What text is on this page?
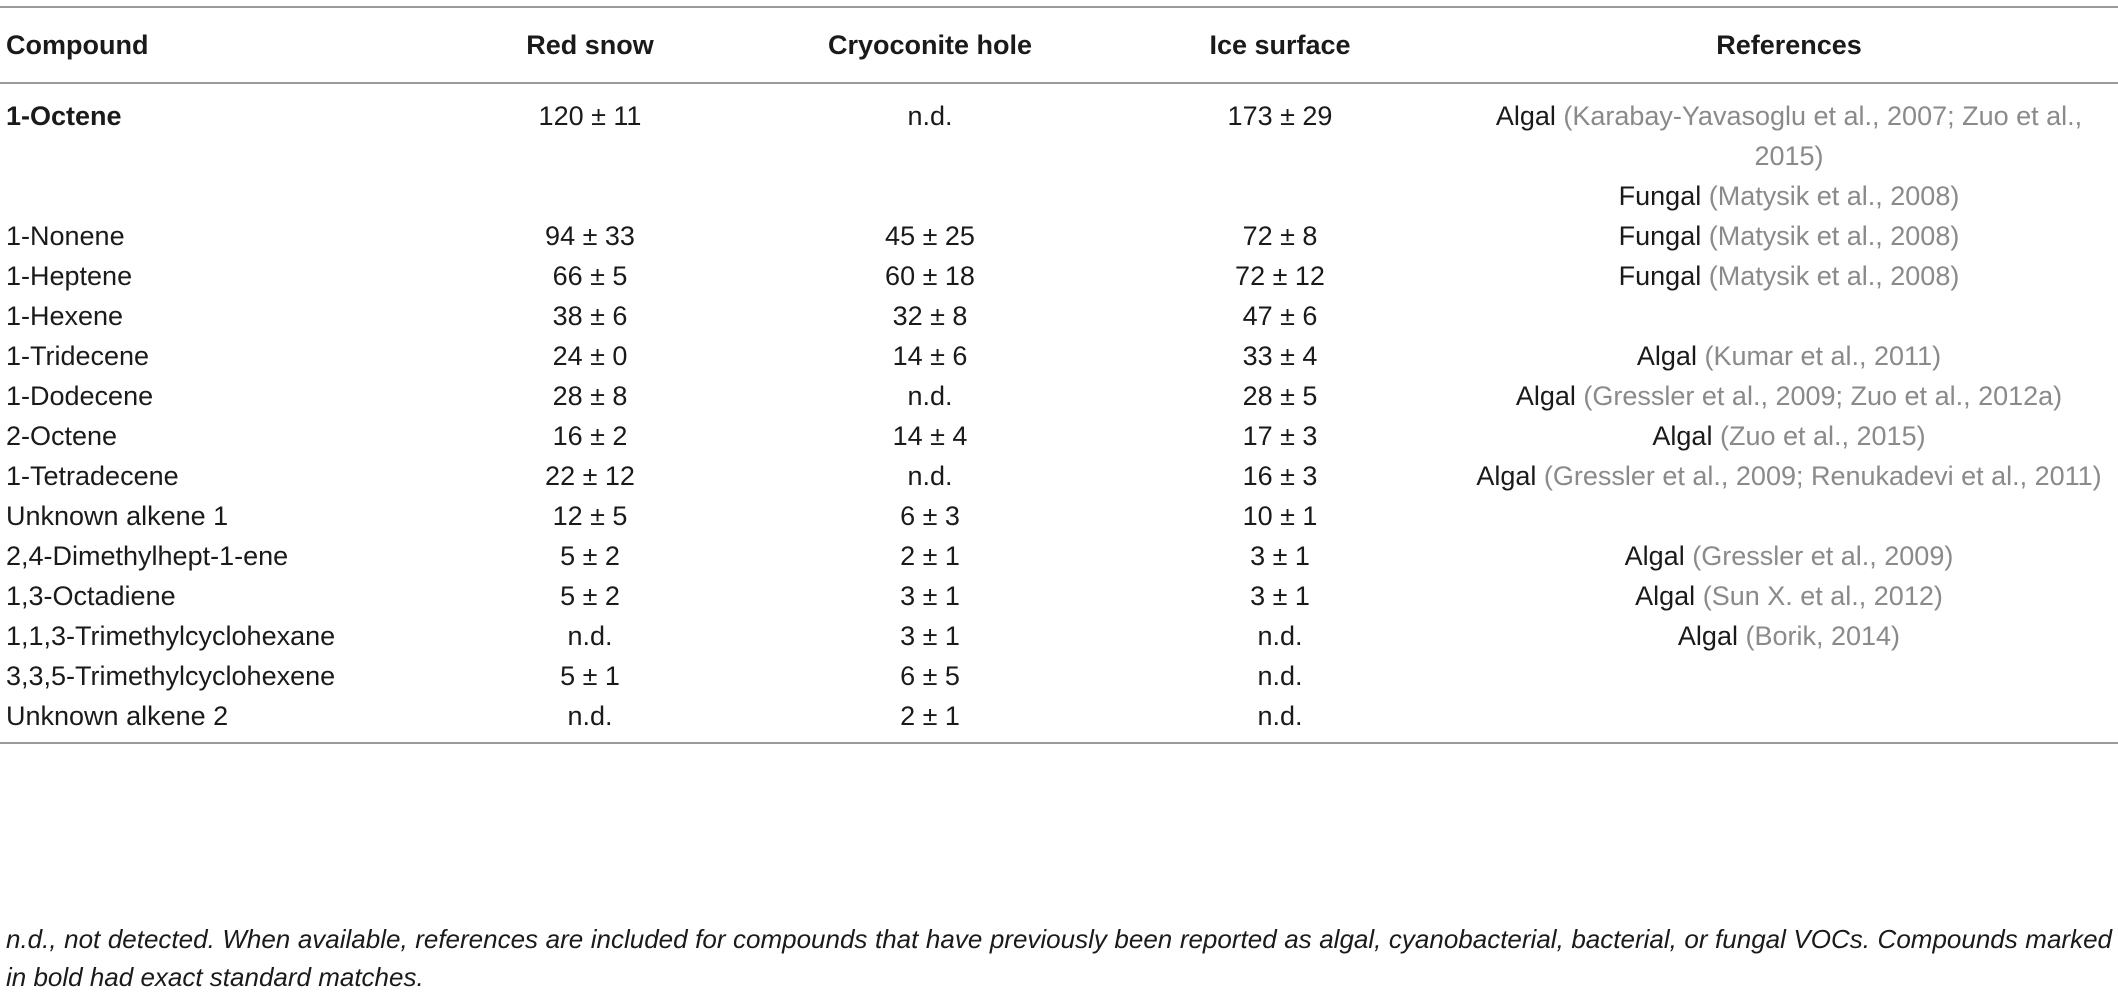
Compound	Red snow	Cryoconite hole	Ice surface	References
1-Octene	120 ± 11	n.d.	173 ± 29	Algal (Karabay-Yavasoglu et al., 2007; Zuo et al., 2015)
Fungal (Matysik et al., 2008)

1-Nonene	94 ± 33	45 ± 25	72 ± 8	Fungal (Matysik et al., 2008)

1-Heptene	66 ± 5	60 ± 18	72 ± 12	Fungal (Matysik et al., 2008)

1-Hexene	38 ± 6	32 ± 8	47 ± 6	
1-Tridecene	24 ± 0	14 ± 6	33 ± 4	Algal (Kumar et al., 2011)

1-Dodecene	28 ± 8	n.d.	28 ± 5	Algal (Gressler et al., 2009; Zuo et al., 2012a)

2-Octene	16 ± 2	14 ± 4	17 ± 3	Algal (Zuo et al., 2015)

1-Tetradecene	22 ± 12	n.d.	16 ± 3	Algal (Gressler et al., 2009; Renukadevi et al., 2011)

Unknown alkene 1	12 ± 5	6 ± 3	10 ± 1	
2,4-Dimethylhept-1-ene	5 ± 2	2 ± 1	3 ± 1	Algal (Gressler et al., 2009)

1,3-Octadiene	5 ± 2	3 ± 1	3 ± 1	Algal (Sun X. et al., 2012)

1,1,3-Trimethylcyclohexane	n.d.	3 ± 1	n.d.	Algal (Borik, 2014)

3,3,5-Trimethylcyclohexene	5 ± 1	6 ± 5	n.d.	
Unknown alkene 2	n.d.	2 ± 1	n.d.	
n.d., not detected. When available, references are included for compounds that have previously been reported as algal, cyanobacterial, bacterial, or fungal VOCs. Compounds marked in bold had exact standard matches.
